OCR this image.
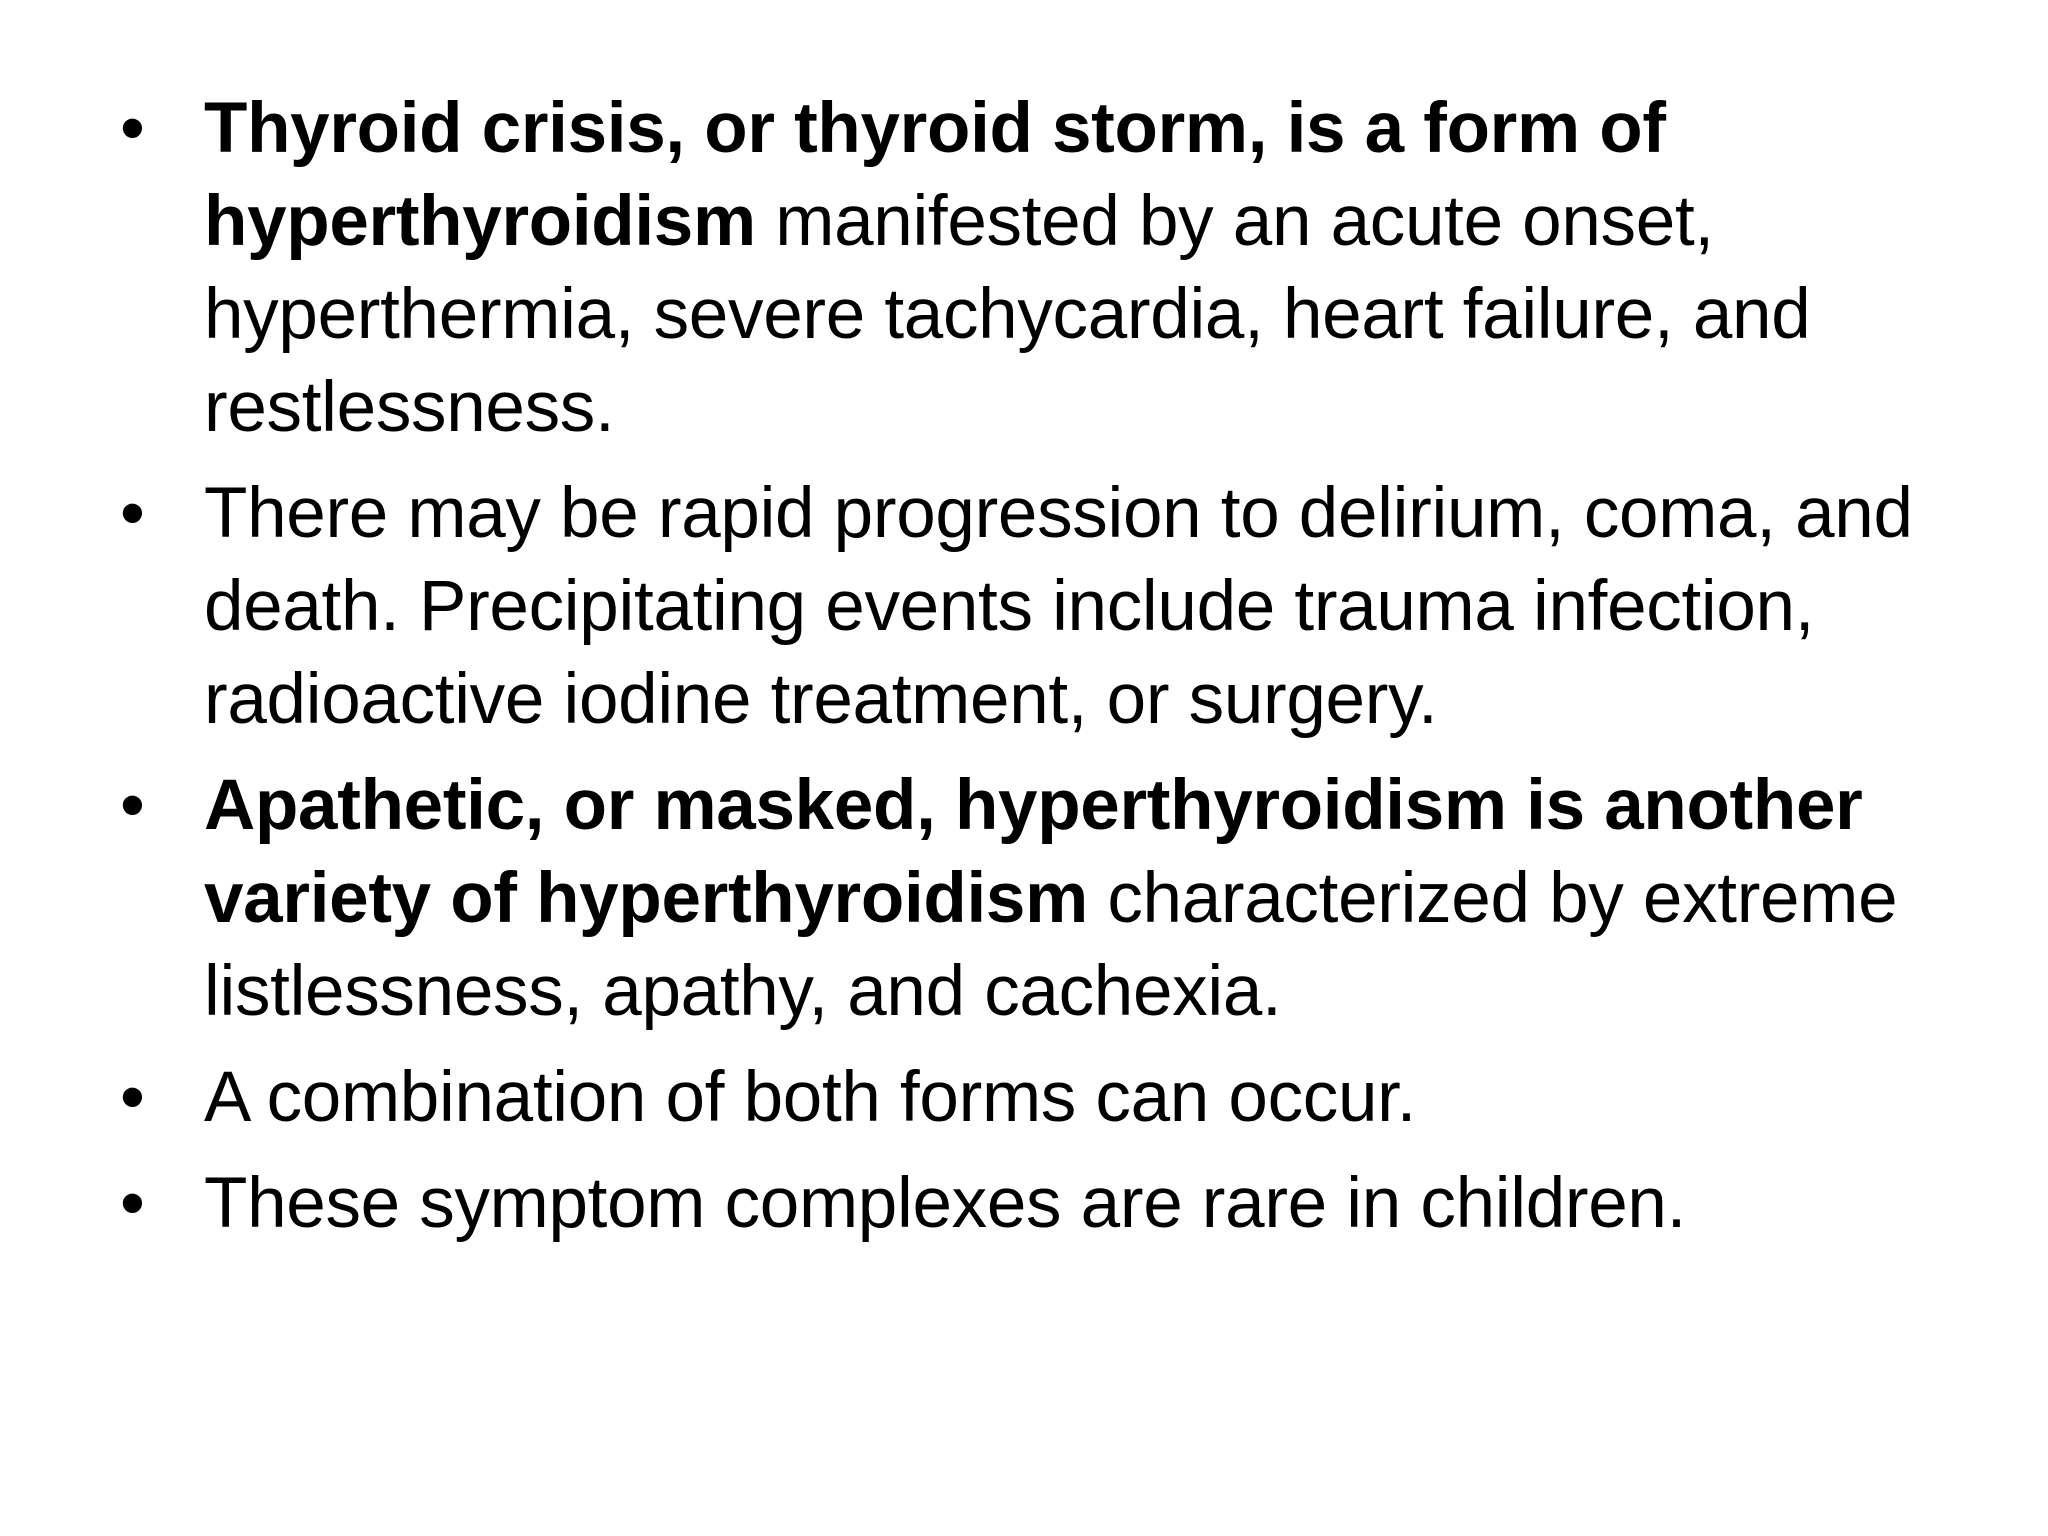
• Thyroid crisis, or thyroid storm, is a form of hyperthyroidism manifested by an acute onset, hyperthermia, severe tachycardia, heart failure, and restlessness.
• There may be rapid progression to delirium, coma, and death. Precipitating events include trauma infection, radioactive iodine treatment, or surgery.
• Apathetic, or masked, hyperthyroidism is another variety of hyperthyroidism characterized by extreme listlessness, apathy, and cachexia.
• A combination of both forms can occur.
• These symptom complexes are rare in children.
